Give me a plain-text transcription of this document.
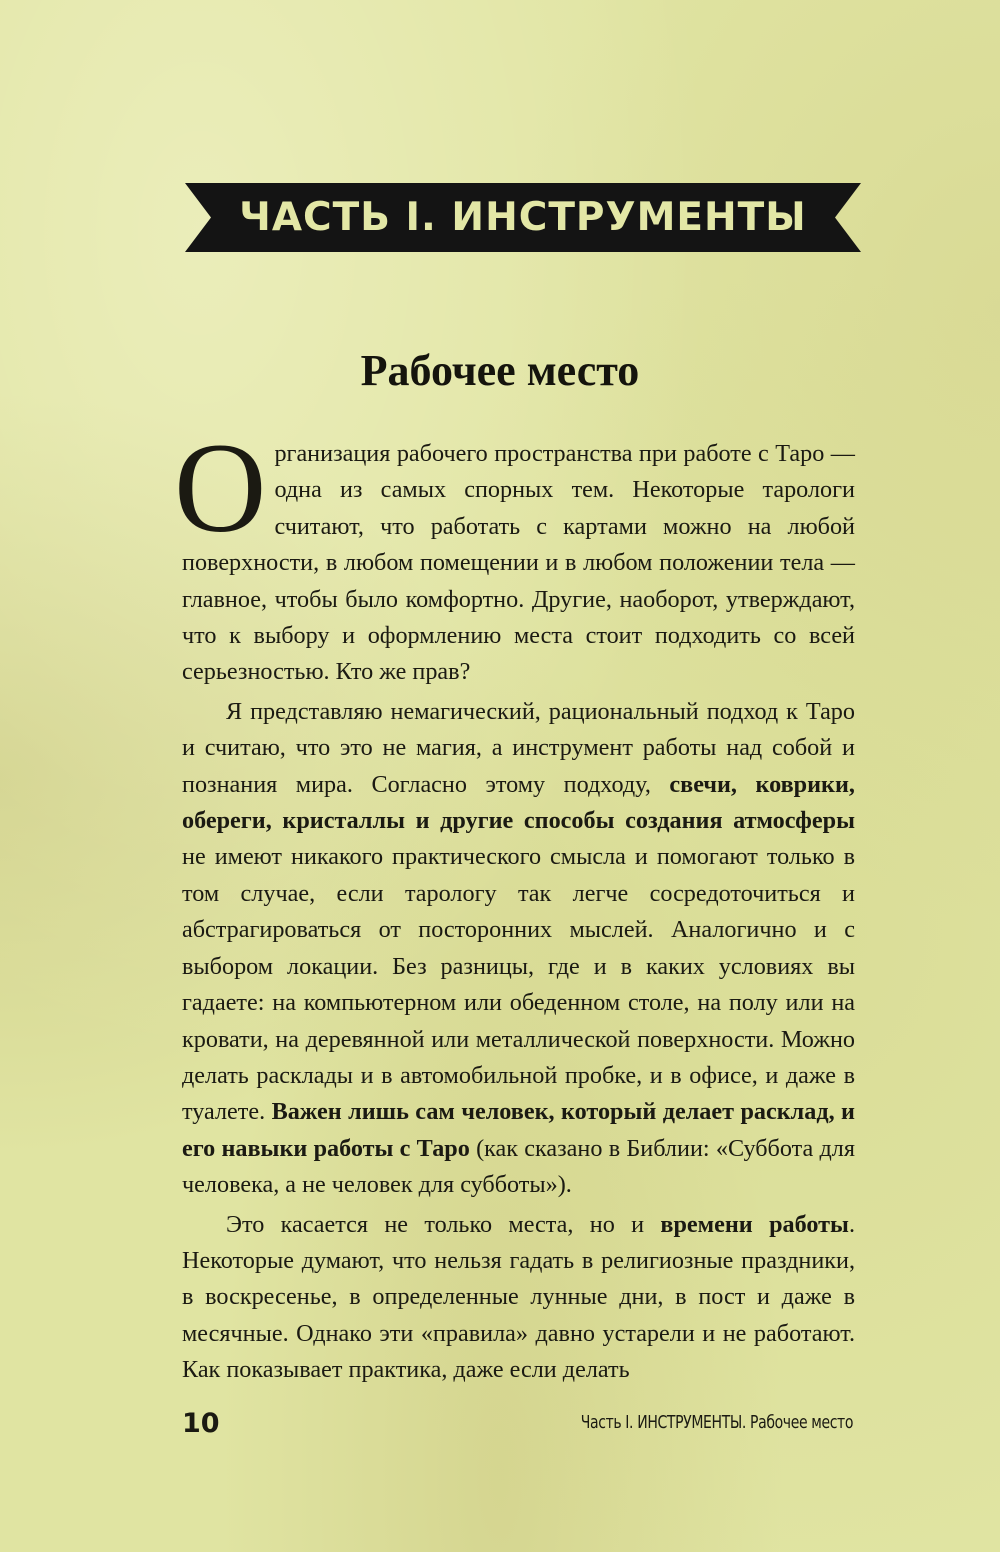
ЧАСТЬ I. ИНСТРУМЕНТЫ
Рабочее место

Организация рабочего пространства при работе с Таро — одна из самых спорных тем. Некоторые тарологи считают, что работать с картами можно на любой поверхности, в любом помещении и в любом положении тела — главное, чтобы было комфортно. Другие, наоборот, утверждают, что к выбору и оформлению места стоит подходить со всей серьезностью. Кто же прав?

Я представляю немагический, рациональный подход к Таро и считаю, что это не магия, а инструмент работы над собой и познания мира. Согласно этому подходу, свечи, коврики, обереги, кристаллы и другие способы создания атмосферы не имеют никакого практического смысла и помогают только в том случае, если тарологу так легче сосредоточиться и абстрагироваться от посторонних мыслей. Аналогично и с выбором локации. Без разницы, где и в каких условиях вы гадаете: на компьютерном или обеденном столе, на полу или на кровати, на деревянной или металлической поверхности. Можно делать расклады и в автомобильной пробке, и в офисе, и даже в туалете. Важен лишь сам человек, который делает расклад, и его навыки работы с Таро (как сказано в Библии: «Суббота для человека, а не человек для субботы»).

Это касается не только места, но и времени работы. Некоторые думают, что нельзя гадать в религиозные праздники, в воскресенье, в определенные лунные дни, в пост и даже в месячные. Однако эти «правила» давно устарели и не работают. Как показывает практика, даже если делать

10	Часть I. ИНСТРУМЕНТЫ. Рабочее место
